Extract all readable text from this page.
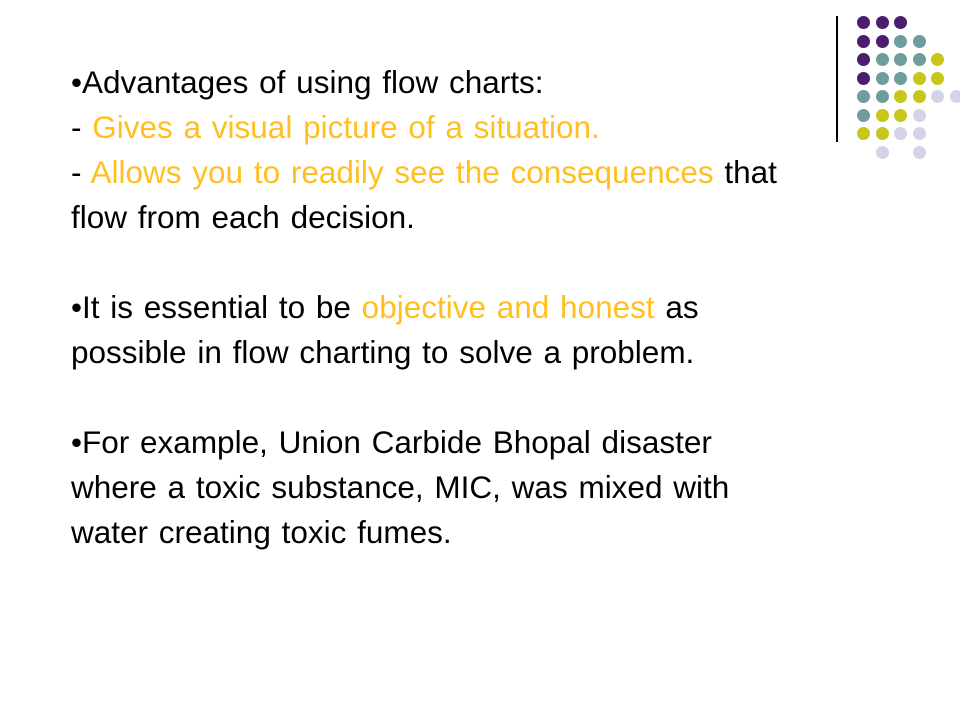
•Advantages of using flow charts:
- Gives a visual picture of a situation.
- Allows you to readily see the consequences that
flow from each decision.
•It is essential to be objective and honest as
possible in flow charting to solve a problem.
•For example, Union Carbide Bhopal disaster
where a toxic substance, MIC, was mixed with
water creating toxic fumes.
